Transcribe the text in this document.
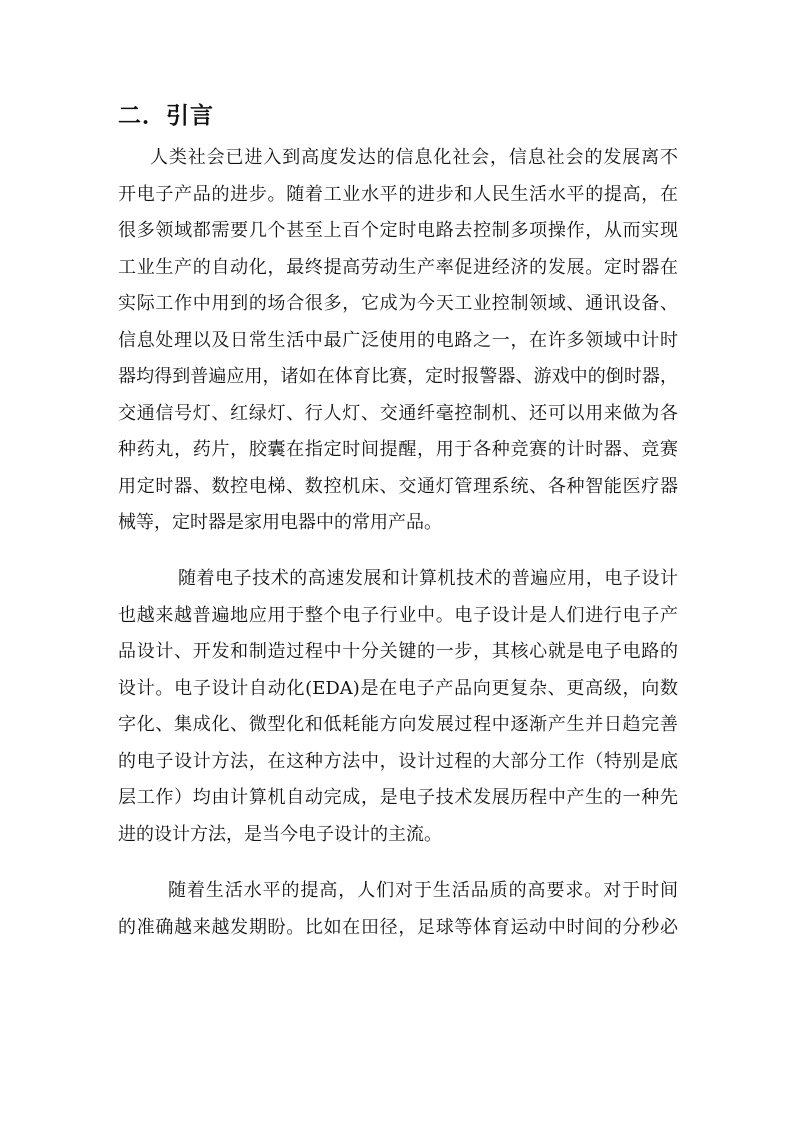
二．引言
人类社会已进入到高度发达的信息化社会，信息社会的发展离不
开电子产品的进步。随着工业水平的进步和人民生活水平的提高，在
很多领域都需要几个甚至上百个定时电路去控制多项操作，从而实现
工业生产的自动化，最终提高劳动生产率促进经济的发展。定时器在
实际工作中用到的场合很多，它成为今天工业控制领域、通讯设备、
信息处理以及日常生活中最广泛使用的电路之一，在许多领域中计时
器均得到普遍应用，诸如在体育比赛，定时报警器、游戏中的倒时器，
交通信号灯、红绿灯、行人灯、交通纤毫控制机、还可以用来做为各
种药丸，药片，胶囊在指定时间提醒，用于各种竞赛的计时器、竞赛
用定时器、数控电梯、数控机床、交通灯管理系统、各种智能医疗器
械等，定时器是家用电器中的常用产品。
随着电子技术的高速发展和计算机技术的普遍应用，电子设计
也越来越普遍地应用于整个电子行业中。电子设计是人们进行电子产
品设计、开发和制造过程中十分关键的一步，其核心就是电子电路的
设计。电子设计自动化(EDA)是在电子产品向更复杂、更高级，向数
字化、集成化、微型化和低耗能方向发展过程中逐渐产生并日趋完善
的电子设计方法，在这种方法中，设计过程的大部分工作（特别是底
层工作）均由计算机自动完成，是电子技术发展历程中产生的一种先
进的设计方法，是当今电子设计的主流。
随着生活水平的提高，人们对于生活品质的高要求。对于时间
的准确越来越发期盼。比如在田径，足球等体育运动中时间的分秒必
